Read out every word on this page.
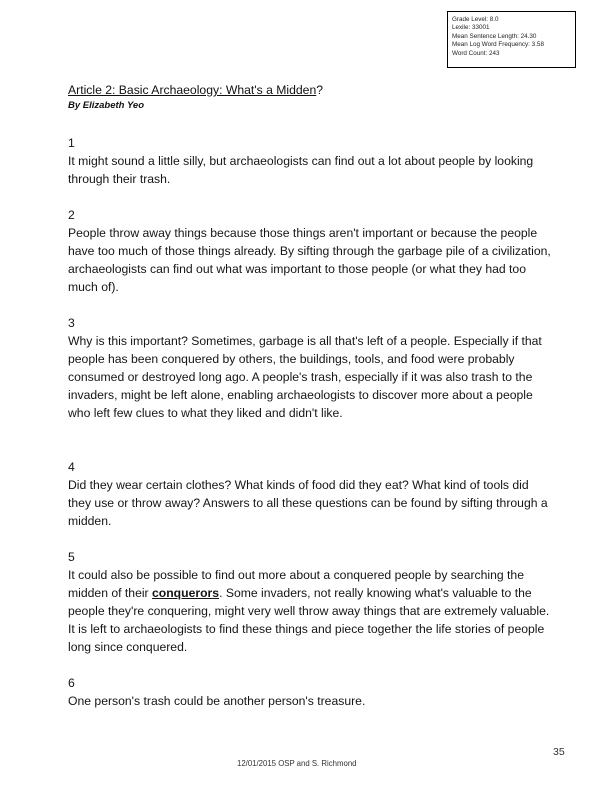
Grade Level: 8.0
Lexile: 33001
Mean Sentence Length: 24.30
Mean Log Word Frequency: 3.58
Word Count: 243
Article 2: Basic Archaeology: What's a Midden?
By Elizabeth Yeo
1
It might sound a little silly, but archaeologists can find out a lot about people by looking through their trash.
2
People throw away things because those things aren't important or because the people have too much of those things already. By sifting through the garbage pile of a civilization, archaeologists can find out what was important to those people (or what they had too much of).
3
Why is this important? Sometimes, garbage is all that's left of a people. Especially if that people has been conquered by others, the buildings, tools, and food were probably consumed or destroyed long ago. A people's trash, especially if it was also trash to the invaders, might be left alone, enabling archaeologists to discover more about a people who left few clues to what they liked and didn't like.
4
Did they wear certain clothes? What kinds of food did they eat? What kind of tools did they use or throw away? Answers to all these questions can be found by sifting through a midden.
5
It could also be possible to find out more about a conquered people by searching the midden of their conquerors. Some invaders, not really knowing what's valuable to the people they're conquering, might very well throw away things that are extremely valuable. It is left to archaeologists to find these things and piece together the life stories of people long since conquered.
6
One person's trash could be another person's treasure.
12/01/2015 OSP and S. Richmond
35
